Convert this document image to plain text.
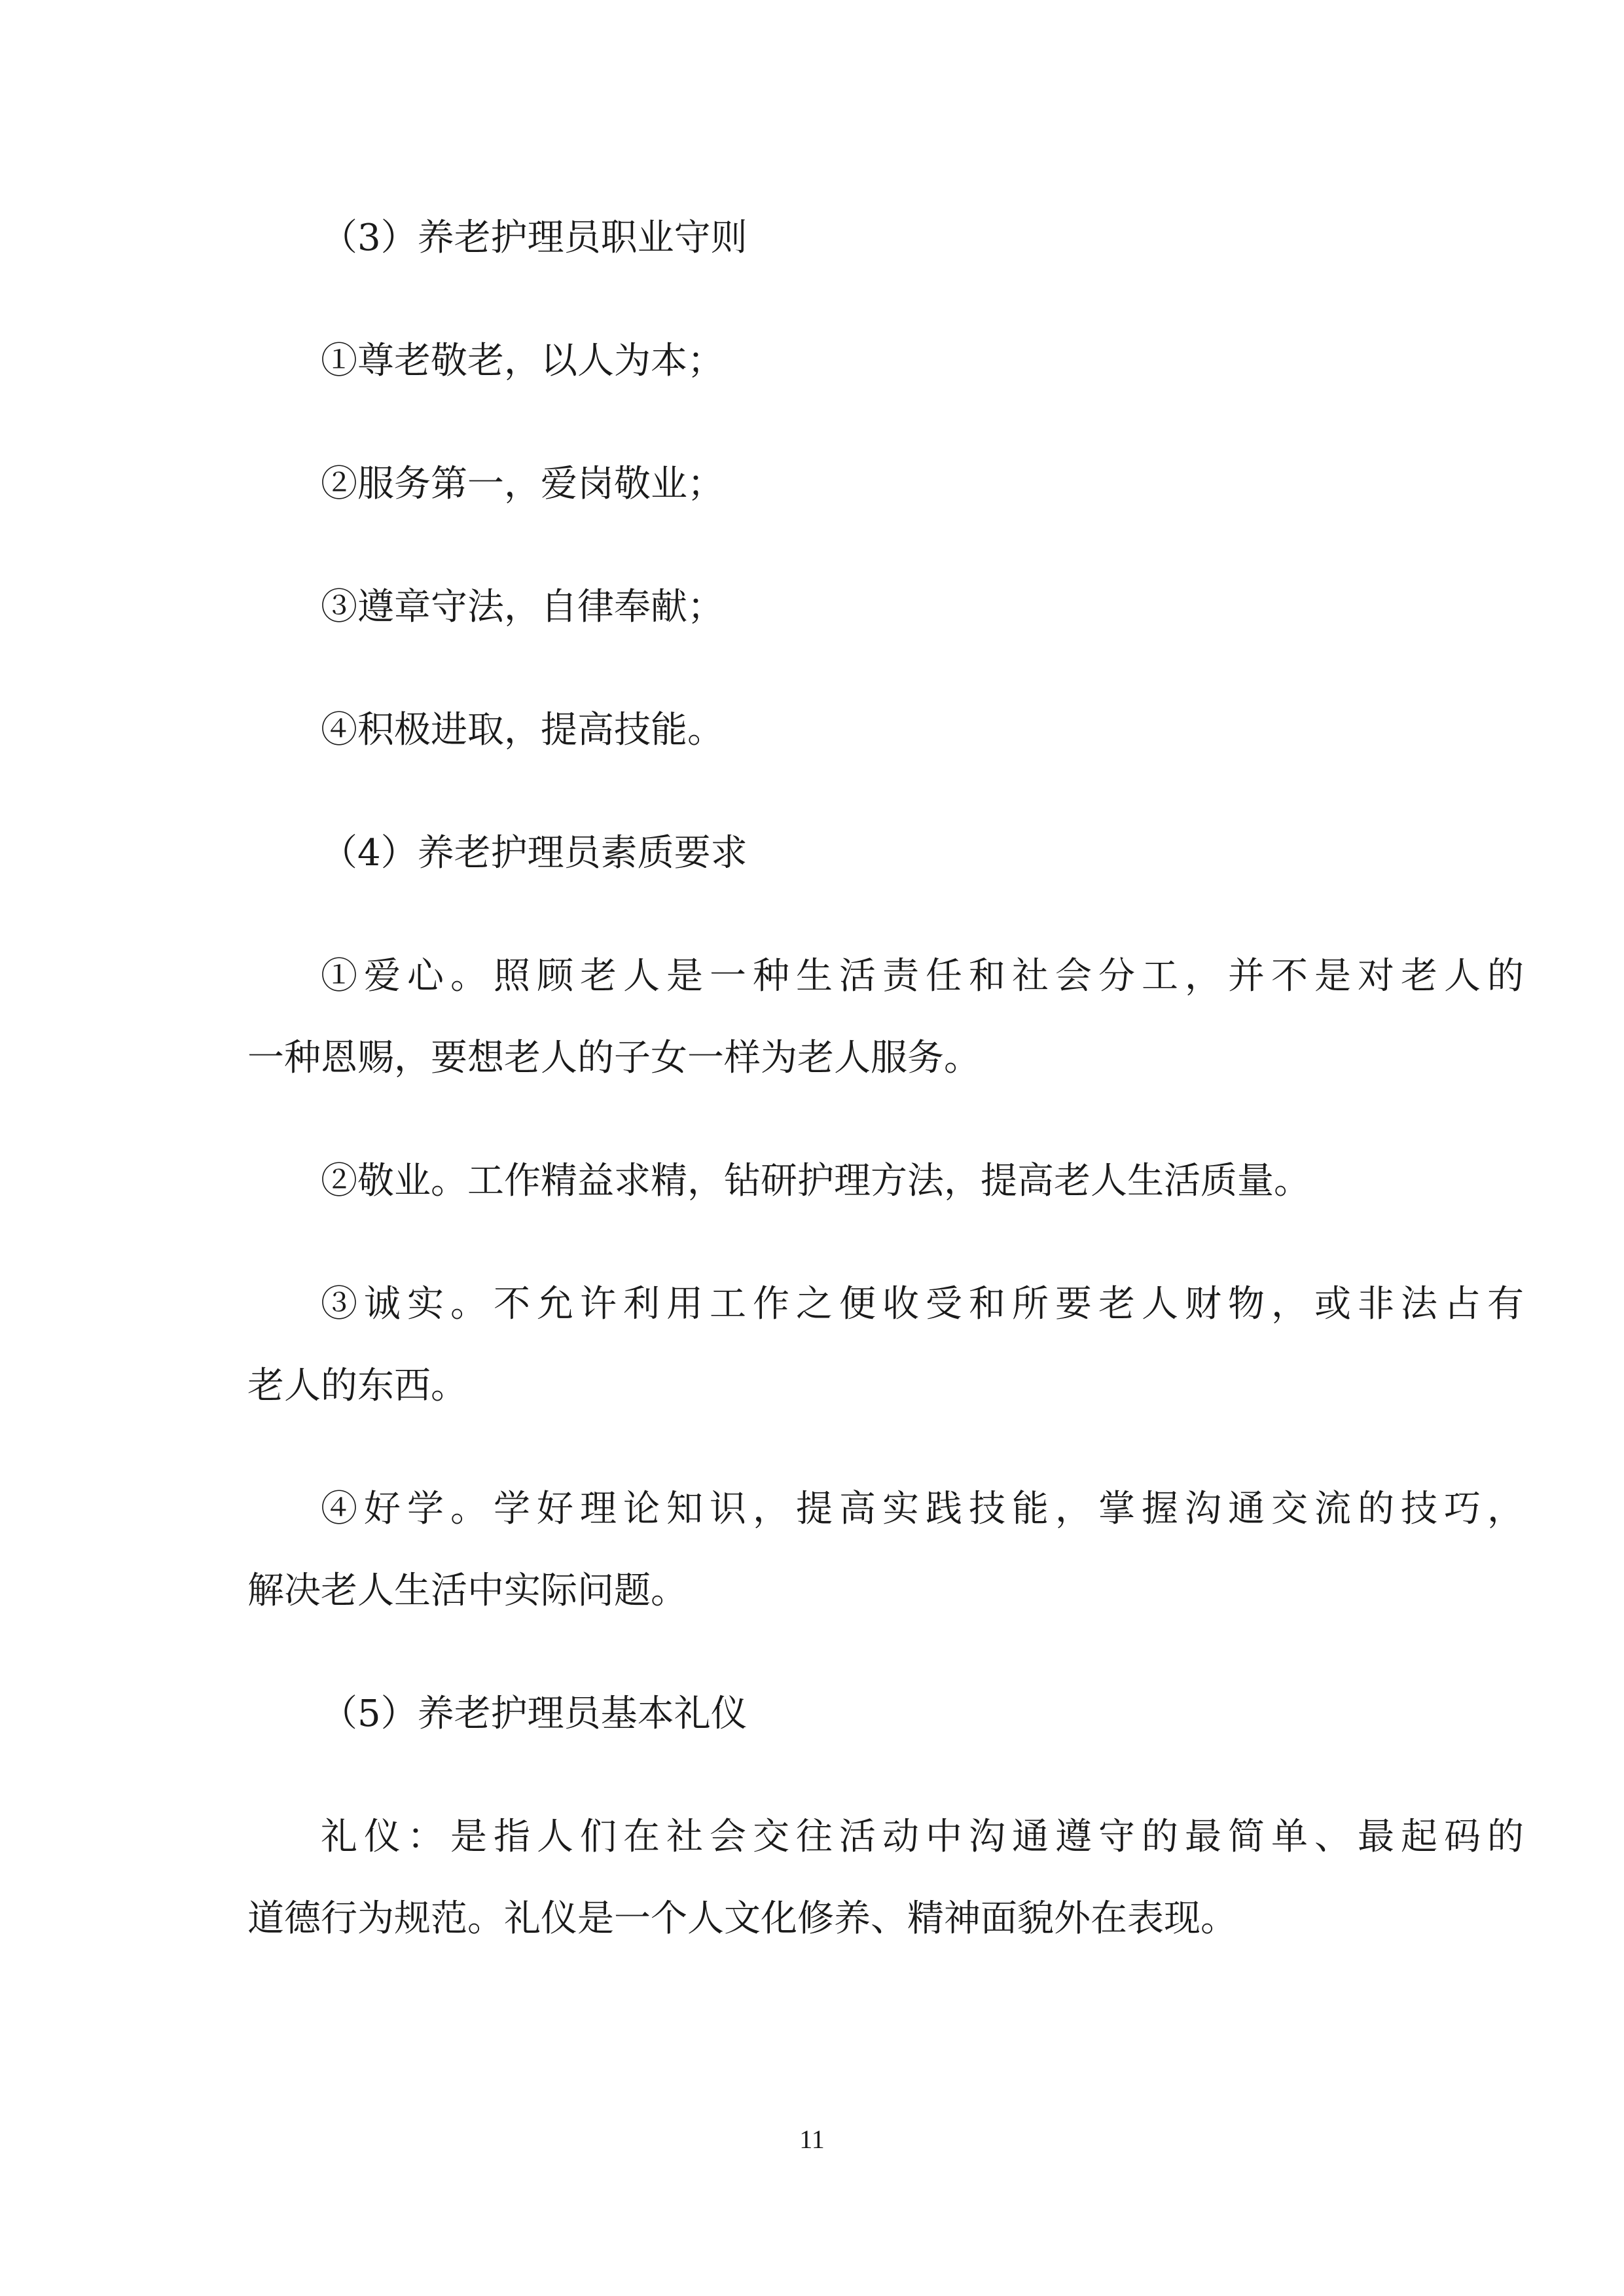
（3）养老护理员职业守则

①尊老敬老，以人为本；

②服务第一，爱岗敬业；

③遵章守法，自律奉献；

④积极进取，提高技能。

（4）养老护理员素质要求

①爱心。照顾老人是一种生活责任和社会分工，并不是对老人的

一种恩赐，要想老人的子女一样为老人服务。

②敬业。工作精益求精，钻研护理方法，提高老人生活质量。

③诚实。不允许利用工作之便收受和所要老人财物，或非法占有

老人的东西。

④好学。学好理论知识，提高实践技能，掌握沟通交流的技巧，

解决老人生活中实际问题。

（5）养老护理员基本礼仪

礼仪：是指人们在社会交往活动中沟通遵守的最简单、最起码的

道德行为规范。礼仪是一个人文化修养、精神面貌外在表现。

11
